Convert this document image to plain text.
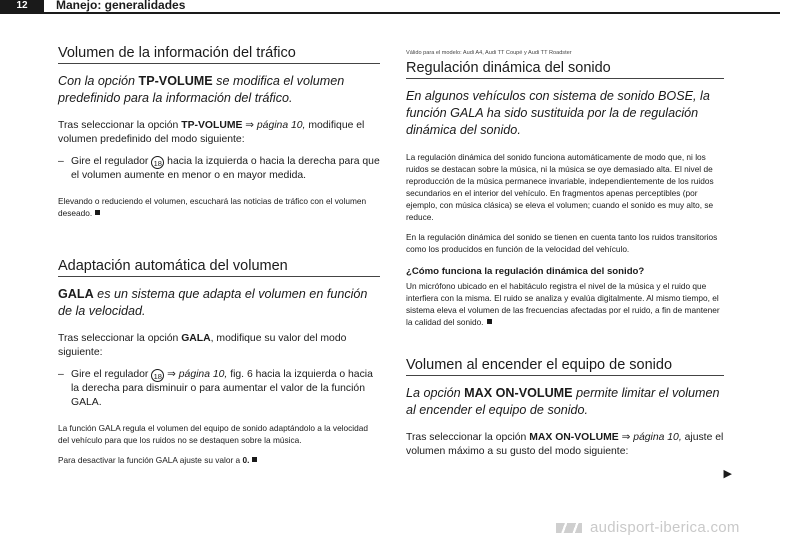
12	Manejo: generalidades
Volumen de la información del tráfico

Con la opción TP-VOLUME se modifica el volumen predefinido para la información del tráfico.

Tras seleccionar la opción TP-VOLUME ⇒ página 10, modifique el volumen predefinido del modo siguiente:

– Gire el regulador 18 hacia la izquierda o hacia la derecha para que el volumen aumente en menor o en mayor medida.

Elevando o reduciendo el volumen, escuchará las noticias de tráfico con el volumen deseado.

Adaptación automática del volumen

GALA es un sistema que adapta el volumen en función de la velocidad.

Tras seleccionar la opción GALA, modifique su valor del modo siguiente:

– Gire el regulador 18 ⇒ página 10, fig. 6 hacia la izquierda o hacia la derecha para disminuir o para aumentar el valor de la función GALA.

La función GALA regula el volumen del equipo de sonido adaptándolo a la velocidad del vehículo para que los ruidos no se destaquen sobre la música.

Para desactivar la función GALA ajuste su valor a 0.

Válido para el modelo: Audi A4, Audi TT Coupé y Audi TT Roadster
Regulación dinámica del sonido

En algunos vehículos con sistema de sonido BOSE, la función GALA ha sido sustituida por la de regulación dinámica del sonido.

La regulación dinámica del sonido funciona automáticamente de modo que, ni los ruidos se destacan sobre la música, ni la música se oye demasiado alta. El nivel de reproducción de la música permanece invariable, independientemente de los ruidos secundarios en el interior del vehículo. En fragmentos apenas perceptibles (por ejemplo, con música clásica) se eleva el volumen; cuando el sonido es muy alto, se reduce.

En la regulación dinámica del sonido se tienen en cuenta tanto los ruidos transitorios como los producidos en función de la velocidad del vehículo.

¿Cómo funciona la regulación dinámica del sonido?

Un micrófono ubicado en el habitáculo registra el nivel de la música y el ruido que interfiera con la misma. El ruido se analiza y evalúa digitalmente. Al mismo tiempo, el sistema eleva el volumen de las frecuencias afectadas por el ruido, a fin de mantener la calidad del sonido.

Volumen al encender el equipo de sonido

La opción MAX ON-VOLUME permite limitar el volumen al encender el equipo de sonido.

Tras seleccionar la opción MAX ON-VOLUME ⇒ página 10, ajuste el volumen máximo a su gusto del modo siguiente:

▶
audisport-iberica.com
